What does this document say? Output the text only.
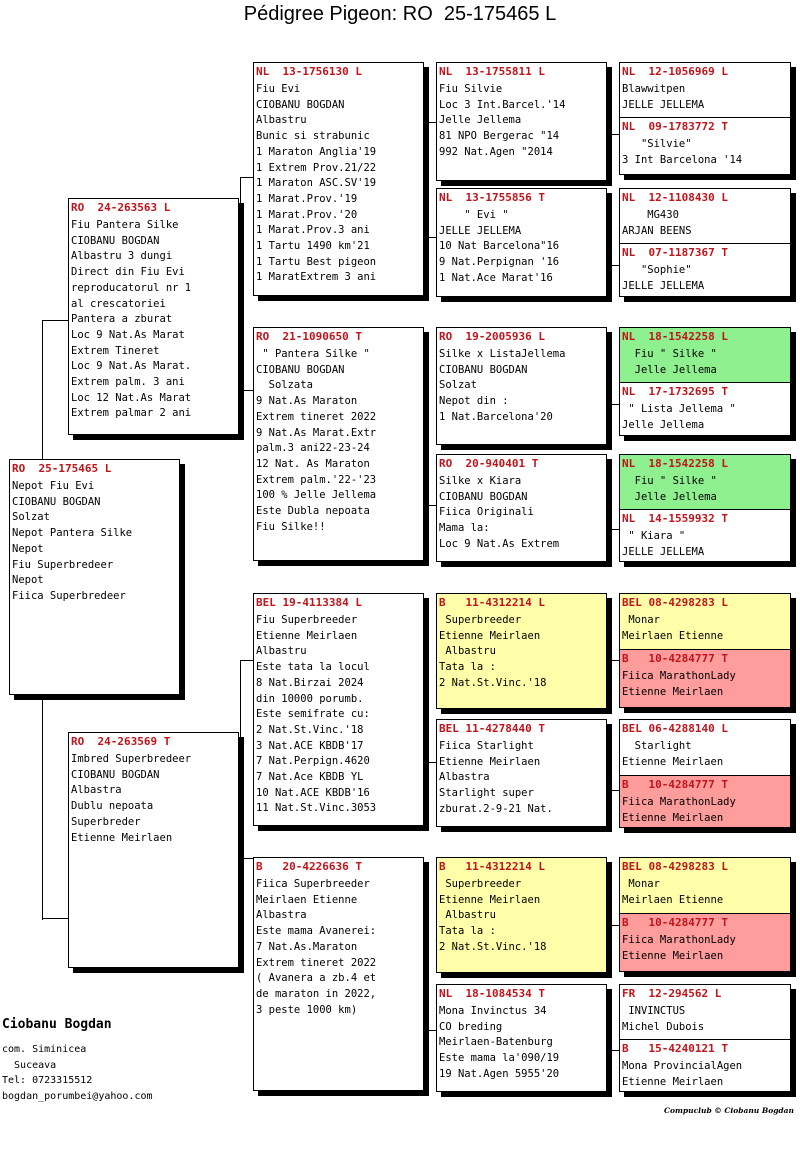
Pédigree Pigeon: RO  25-175465 L
RO  25-175465 L
Nepot Fiu Evi
CIOBANU BOGDAN
Solzat
Nepot Pantera Silke
Nepot
Fiu Superbredeer
Nepot
Fiica Superbredeer
RO  24-263563 L
Fiu Pantera Silke
CIOBANU BOGDAN
Albastru 3 dungi
Direct din Fiu Evi
reproducatorul nr 1
al crescatoriei
Pantera a zburat
Loc 9 Nat.As Marat
Extrem Tineret
Loc 9 Nat.As Marat.
Extrem palm. 3 ani
Loc 12 Nat.As Marat
Extrem palmar 2 ani
RO  24-263569 T
Imbred Superbredeer
CIOBANU BOGDAN
Albastra
Dublu nepoata
Superbreder
Etienne Meirlaen
NL  13-1756130 L
Fiu Evi
CIOBANU BOGDAN
Albastru
Bunic si strabunic
1 Maraton Anglia'19
1 Extrem Prov.21/22
1 Maraton ASC.SV'19
1 Marat.Prov.'19
1 Marat.Prov.'20
1 Marat.Prov.3 ani
1 Tartu 1490 km'21
1 Tartu Best pigeon
1 MaratExtrem 3 ani
RO  21-1090650 T
" Pantera Silke "
CIOBANU BOGDAN
Solzata
9 Nat.As Maraton
Extrem tineret 2022
9 Nat.As Marat.Extr
palm.3 ani22-23-24
12 Nat. As Maraton
Extrem palm.'22-'23
100 % Jelle Jellema
Este Dubla nepoata
Fiu Silke!!
BEL 19-4113384 L
Fiu Superbreeder
Etienne Meirlaen
Albastru
Este tata la locul
8 Nat.Birzai 2024
din 10000 porumb.
Este semifrate cu:
2 Nat.St.Vinc.'18
3 Nat.ACE KBDB'17
7 Nat.Perpign.4620
7 Nat.Ace KBDB YL
10 Nat.ACE KBDB'16
11 Nat.St.Vinc.3053
B   20-4226636 T
Fiica Superbreeder
Meirlaen Etienne
Albastra
Este mama Avanerei:
7 Nat.As.Maraton
Extrem tineret 2022
( Avanera a zb.4 et
de maraton in 2022,
3 peste 1000 km)
NL  13-1755811 L
Fiu Silvie
Loc 3 Int.Barcel.'14
Jelle Jellema
81 NPO Bergerac "14
992 Nat.Agen "2014
NL  13-1755856 T
" Evi "
JELLE JELLEMA
10 Nat Barcelona"16
9 Nat.Perpignan '16
1 Nat.Ace Marat'16
RO  19-2005936 L
Silke x ListaJellema
CIOBANU BOGDAN
Solzat
Nepot din :
1 Nat.Barcelona'20
RO  20-940401 T
Silke x Kiara
CIOBANU BOGDAN
Fiica Originali
Mama la:
Loc 9 Nat.As Extrem
B   11-4312214 L
Superbreeder
Etienne Meirlaen
Albastru
Tata la :
2 Nat.St.Vinc.'18
BEL 11-4278440 T
Fiica Starlight
Etienne Meirlaen
Albastra
Starlight super
zburat.2-9-21 Nat.
B   11-4312214 L
Superbreeder
Etienne Meirlaen
Albastru
Tata la :
2 Nat.St.Vinc.'18
NL  18-1084534 T
Mona Invinctus 34
CO breding
Meirlaen-Batenburg
Este mama la'090/19
19 Nat.Agen 5955'20
NL  12-1056969 L
Blawwitpen
JELLE JELLEMA
NL  09-1783772 T
"Silvie"
3 Int Barcelona '14
NL  12-1108430 L
MG430
ARJAN BEENS
NL  07-1187367 T
"Sophie"
JELLE JELLEMA
NL  18-1542258 L
Fiu " Silke "
Jelle Jellema
NL  17-1732695 T
" Lista Jellema "
Jelle Jellema
NL  18-1542258 L
Fiu " Silke "
Jelle Jellema
NL  14-1559932 T
" Kiara "
JELLE JELLEMA
BEL 08-4298283 L
Monar
Meirlaen Etienne
B   10-4284777 T
Fiica MarathonLady
Etienne Meirlaen
BEL 06-4288140 L
Starlight
Etienne Meirlaen
B   10-4284777 T
Fiica MarathonLady
Etienne Meirlaen
BEL 08-4298283 L
Monar
Meirlaen Etienne
B   10-4284777 T
Fiica MarathonLady
Etienne Meirlaen
FR  12-294562 L
INVINCTUS
Michel Dubois
B   15-4240121 T
Mona ProvincialAgen
Etienne Meirlaen
Ciobanu Bogdan
com. Siminicea
Suceava
Tel: 0723315512
bogdan_porumbei@yahoo.com
Compuclub © Ciobanu Bogdan
